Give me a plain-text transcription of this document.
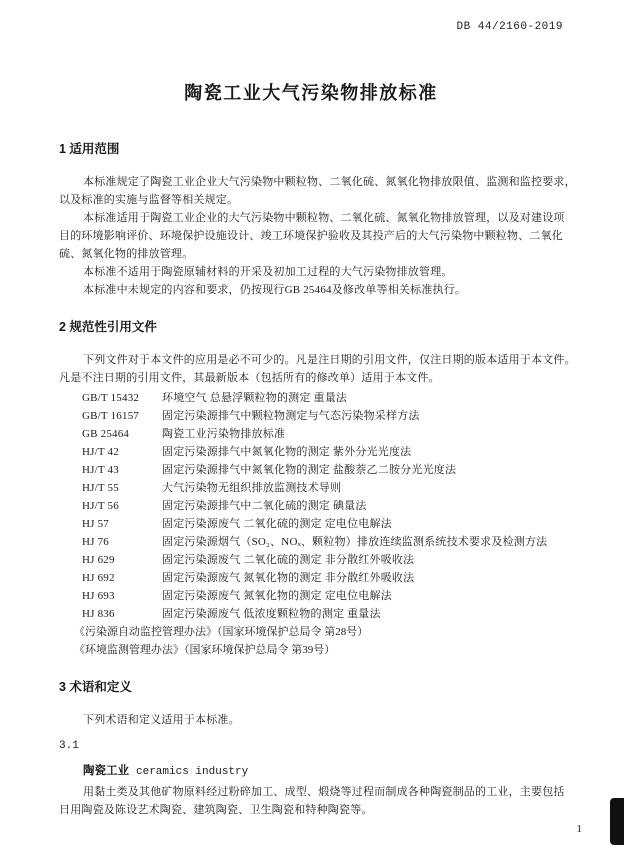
DB 44/2160-2019
陶瓷工业大气污染物排放标准
1 适用范围
本标准规定了陶瓷工业企业大气污染物中颗粒物、二氧化硫、氮氧化物排放限值、监测和监控要求，
以及标准的实施与监督等相关规定。
本标准适用于陶瓷工业企业的大气污染物中颗粒物、二氧化硫、氮氧化物排放管理，以及对建设项
目的环境影响评价、环境保护设施设计、竣工环境保护验收及其投产后的大气污染物中颗粒物、二氧化
硫、氮氧化物的排放管理。
本标准不适用于陶瓷原辅材料的开采及初加工过程的大气污染物排放管理。
本标准中未规定的内容和要求，仍按现行GB 25464及修改单等相关标准执行。
2 规范性引用文件
下列文件对于本文件的应用是必不可少的。凡是注日期的引用文件，仅注日期的版本适用于本文件。
凡是不注日期的引用文件，其最新版本（包括所有的修改单）适用于本文件。
GB/T 15432	环境空气 总悬浮颗粒物的测定 重量法
GB/T 16157	固定污染源排气中颗粒物测定与气态污染物采样方法
GB 25464	陶瓷工业污染物排放标准
HJ/T 42	固定污染源排气中氮氧化物的测定 紫外分光光度法
HJ/T 43	固定污染源排气中氮氧化物的测定 盐酸萘乙二胺分光光度法
HJ/T 55	大气污染物无组织排放监测技术导则
HJ/T 56	固定污染源排气中二氧化硫的测定 碘量法
HJ 57	固定污染源废气 二氧化硫的测定 定电位电解法
HJ 76	固定污染源烟气（SO₂、NOₓ、颗粒物）排放连续监测系统技术要求及检测方法
HJ 629	固定污染源废气 二氧化硫的测定 非分散红外吸收法
HJ 692	固定污染源废气 氮氧化物的测定 非分散红外吸收法
HJ 693	固定污染源废气 氮氧化物的测定 定电位电解法
HJ 836	固定污染源废气 低浓度颗粒物的测定 重量法
《污染源自动监控管理办法》（国家环境保护总局令 第28号）
《环境监测管理办法》（国家环境保护总局令 第39号）
3 术语和定义
下列术语和定义适用于本标准。
3.1
陶瓷工业 ceramics industry
用黏土类及其他矿物原料经过粉碎加工、成型、煅烧等过程而制成各种陶瓷制品的工业，主要包括
日用陶瓷及陈设艺术陶瓷、建筑陶瓷、卫生陶瓷和特种陶瓷等。
1
